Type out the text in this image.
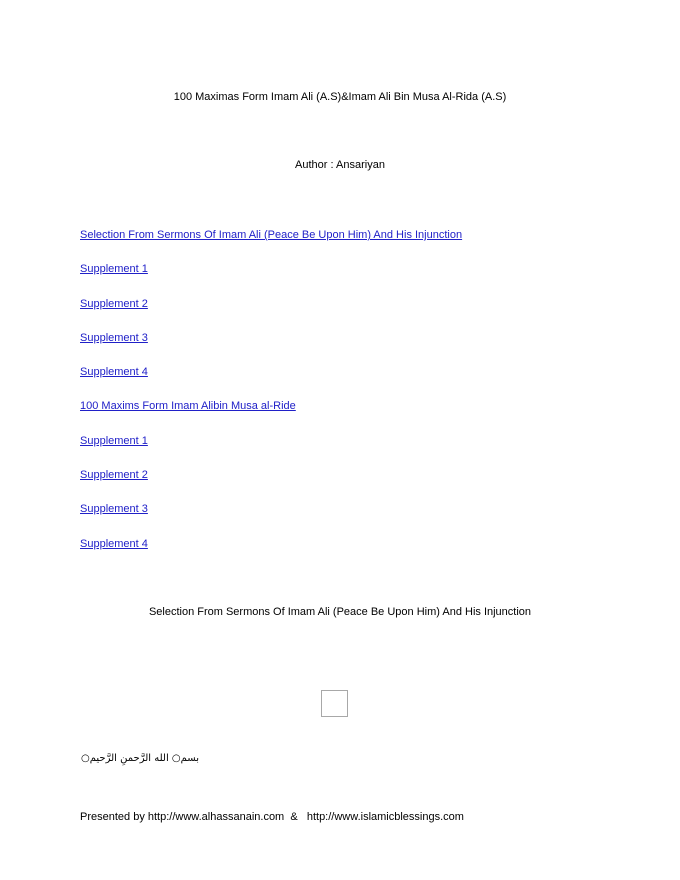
100 Maximas Form Imam Ali (A.S)&Imam Ali Bin Musa Al-Rida (A.S)
Author : Ansariyan
Selection From Sermons Of Imam Ali (Peace Be Upon Him) And His Injunction
Supplement 1
Supplement 2
Supplement 3
Supplement 4
100 Maxims Form Imam Alibin Musa al-Ride
Supplement 1
Supplement 2
Supplement 3
Supplement 4
Selection From Sermons Of Imam Ali (Peace Be Upon Him) And His Injunction
بسم○ الله الرَّحمنِ الرَّحيم○
Presented by http://www.alhassanain.com  &   http://www.islamicblessings.com
